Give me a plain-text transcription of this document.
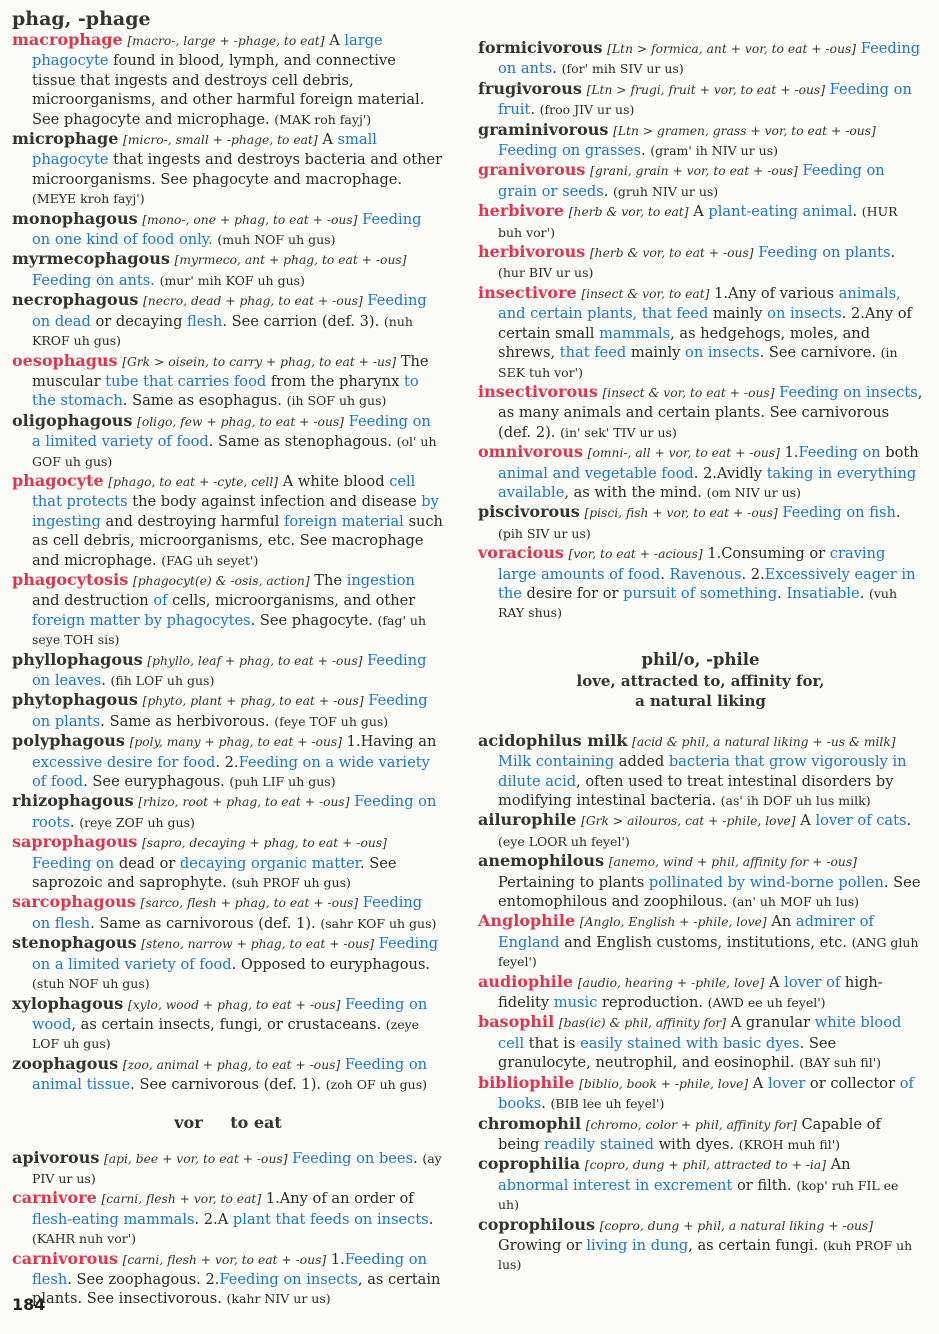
phag, -phage
macrophage [macro-, large + -phage, to eat] A large phagocyte found in blood, lymph, and connective tissue that ingests and destroys cell debris, microorganisms, and other harmful foreign material. See phagocyte and microphage. (MAK roh fayj')
microphage [micro-, small + -phage, to eat] A small phagocyte that ingests and destroys bacteria and other microorganisms. See phagocyte and macrophage. (MEYE kroh fayj')
monophagous [mono-, one + phag, to eat + -ous] Feeding on one kind of food only. (muh NOF uh gus)
myrmecophagous [myrmeco, ant + phag, to eat + -ous] Feeding on ants. (mur' mih KOF uh gus)
necrophagous [necro, dead + phag, to eat + -ous] Feeding on dead or decaying flesh. See carrion (def. 3). (nuh KROF uh gus)
oesophagus [Grk > oisein, to carry + phag, to eat + -us] The muscular tube that carries food from the pharynx to the stomach. Same as esophagus. (ih SOF uh gus)
oligophagous [oligo, few + phag, to eat + -ous] Feeding on a limited variety of food. Same as stenophagous. (ol' uh GOF uh gus)
phagocyte [phago, to eat + -cyte, cell] A white blood cell that protects the body against infection and disease by ingesting and destroying harmful foreign material such as cell debris, microorganisms, etc. See macrophage and microphage. (FAG uh seyet')
phagocytosis [phagocyt(e) & -osis, action] The ingestion and destruction of cells, microorganisms, and other foreign matter by phagocytes. See phagocyte. (fag' uh seye TOH sis)
phyllophagous [phyllo, leaf + phag, to eat + -ous] Feeding on leaves. (fih LOF uh gus)
phytophagous [phyto, plant + phag, to eat + -ous] Feeding on plants. Same as herbivorous. (feye TOF uh gus)
polyphagous [poly, many + phag, to eat + -ous] 1.Having an excessive desire for food. 2.Feeding on a wide variety of food. See euryphagous. (puh LIF uh gus)
rhizophagous [rhizo, root + phag, to eat + -ous] Feeding on roots. (reye ZOF uh gus)
saprophagous [sapro, decaying + phag, to eat + -ous] Feeding on dead or decaying organic matter. See saprozoic and saprophyte. (suh PROF uh gus)
sarcophagous [sarco, flesh + phag, to eat + -ous] Feeding on flesh. Same as carnivorous (def. 1). (sahr KOF uh gus)
stenophagous [steno, narrow + phag, to eat + -ous] Feeding on a limited variety of food. Opposed to euryphagous. (stuh NOF uh gus)
xylophagous [xylo, wood + phag, to eat + -ous] Feeding on wood, as certain insects, fungi, or crustaceans. (zeye LOF uh gus)
zoophagous [zoo, animal + phag, to eat + -ous] Feeding on animal tissue. See carnivorous (def. 1). (zoh OF uh gus)
vor to eat
apivorous [api, bee + vor, to eat + -ous] Feeding on bees. (ay PIV ur us)
carnivore [carni, flesh + vor, to eat] 1.Any of an order of flesh-eating mammals. 2.A plant that feeds on insects. (KAHR nuh vor')
carnivorous [carni, flesh + vor, to eat + -ous] 1.Feeding on flesh. See zoophagous. 2.Feeding on insects, as certain plants. See insectivorous. (kahr NIV ur us)
formicivorous [Ltn > formica, ant + vor, to eat + -ous] Feeding on ants. (for' mih SIV ur us)
frugivorous [Ltn > frugi, fruit + vor, to eat + -ous] Feeding on fruit. (froo JIV ur us)
graminivorous [Ltn > gramen, grass + vor, to eat + -ous] Feeding on grasses. (gram' ih NIV ur us)
granivorous [grani, grain + vor, to eat + -ous] Feeding on grain or seeds. (gruh NIV ur us)
herbivore [herb & vor, to eat] A plant-eating animal. (HUR buh vor')
herbivorous [herb & vor, to eat + -ous] Feeding on plants. (hur BIV ur us)
insectivore [insect & vor, to eat] 1.Any of various animals, and certain plants, that feed mainly on insects. 2.Any of certain small mammals, as hedgehogs, moles, and shrews, that feed mainly on insects. See carnivore. (in SEK tuh vor')
insectivorous [insect & vor, to eat + -ous] Feeding on insects, as many animals and certain plants. See carnivorous (def. 2). (in' sek' TIV ur us)
omnivorous [omni-, all + vor, to eat + -ous] 1.Feeding on both animal and vegetable food. 2.Avidly taking in everything available, as with the mind. (om NIV ur us)
piscivorous [pisci, fish + vor, to eat + -ous] Feeding on fish. (pih SIV ur us)
voracious [vor, to eat + -acious] 1.Consuming or craving large amounts of food. Ravenous. 2.Excessively eager in the desire for or pursuit of something. Insatiable. (vuh RAY shus)
phil/o, -phile
love, attracted to, affinity for,
a natural liking
acidophilus milk [acid & phil, a natural liking + -us & milk] Milk containing added bacteria that grow vigorously in dilute acid, often used to treat intestinal disorders by modifying intestinal bacteria. (as' ih DOF uh lus milk)
ailurophile [Grk > ailouros, cat + -phile, love] A lover of cats. (eye LOOR uh feyel')
anemophilous [anemo, wind + phil, affinity for + -ous] Pertaining to plants pollinated by wind-borne pollen. See entomophilous and zoophilous. (an' uh MOF uh lus)
Anglophile [Anglo, English + -phile, love] An admirer of England and English customs, institutions, etc. (ANG gluh feyel')
audiophile [audio, hearing + -phile, love] A lover of high-fidelity music reproduction. (AWD ee uh feyel')
basophil [bas(ic) & phil, affinity for] A granular white blood cell that is easily stained with basic dyes. See granulocyte, neutrophil, and eosinophil. (BAY suh fil')
bibliophile [biblio, book + -phile, love] A lover or collector of books. (BIB lee uh feyel')
chromophil [chromo, color + phil, affinity for] Capable of being readily stained with dyes. (KROH muh fil')
coprophilia [copro, dung + phil, attracted to + -ia] An abnormal interest in excrement or filth. (kop' ruh FIL ee uh)
coprophilous [copro, dung + phil, a natural liking + -ous] Growing or living in dung, as certain fungi. (kuh PROF uh lus)
184
